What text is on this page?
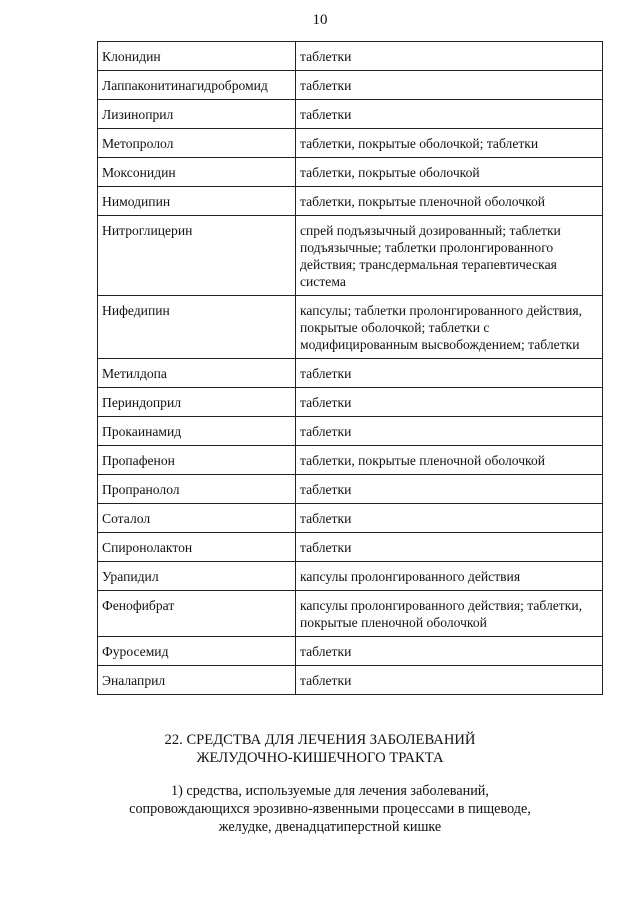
10
Клонидин	таблетки
Лаппаконитинагидробромид	таблетки
Лизиноприл	таблетки
Метопролол	таблетки, покрытые оболочкой; таблетки
Моксонидин	таблетки, покрытые оболочкой
Нимодипин	таблетки, покрытые пленочной оболочкой
Нитроглицерин	спрей подъязычный дозированный; таблетки подъязычные; таблетки пролонгированного действия; трансдермальная терапевтическая система
Нифедипин	капсулы; таблетки пролонгированного действия, покрытые оболочкой; таблетки с модифицированным высвобождением; таблетки
Метилдопа	таблетки
Периндоприл	таблетки
Прокаинамид	таблетки
Пропафенон	таблетки, покрытые пленочной оболочкой
Пропранолол	таблетки
Соталол	таблетки
Спиронолактон	таблетки
Урапидил	капсулы пролонгированного действия
Фенофибрат	капсулы пролонгированного действия; таблетки, покрытые пленочной оболочкой
Фуросемид	таблетки
Эналаприл	таблетки
22. СРЕДСТВА ДЛЯ ЛЕЧЕНИЯ ЗАБОЛЕВАНИЙ
ЖЕЛУДОЧНО-КИШЕЧНОГО ТРАКТА
1) средства, используемые для лечения заболеваний,
сопровождающихся эрозивно-язвенными процессами в пищеводе,
желудке, двенадцатиперстной кишке
